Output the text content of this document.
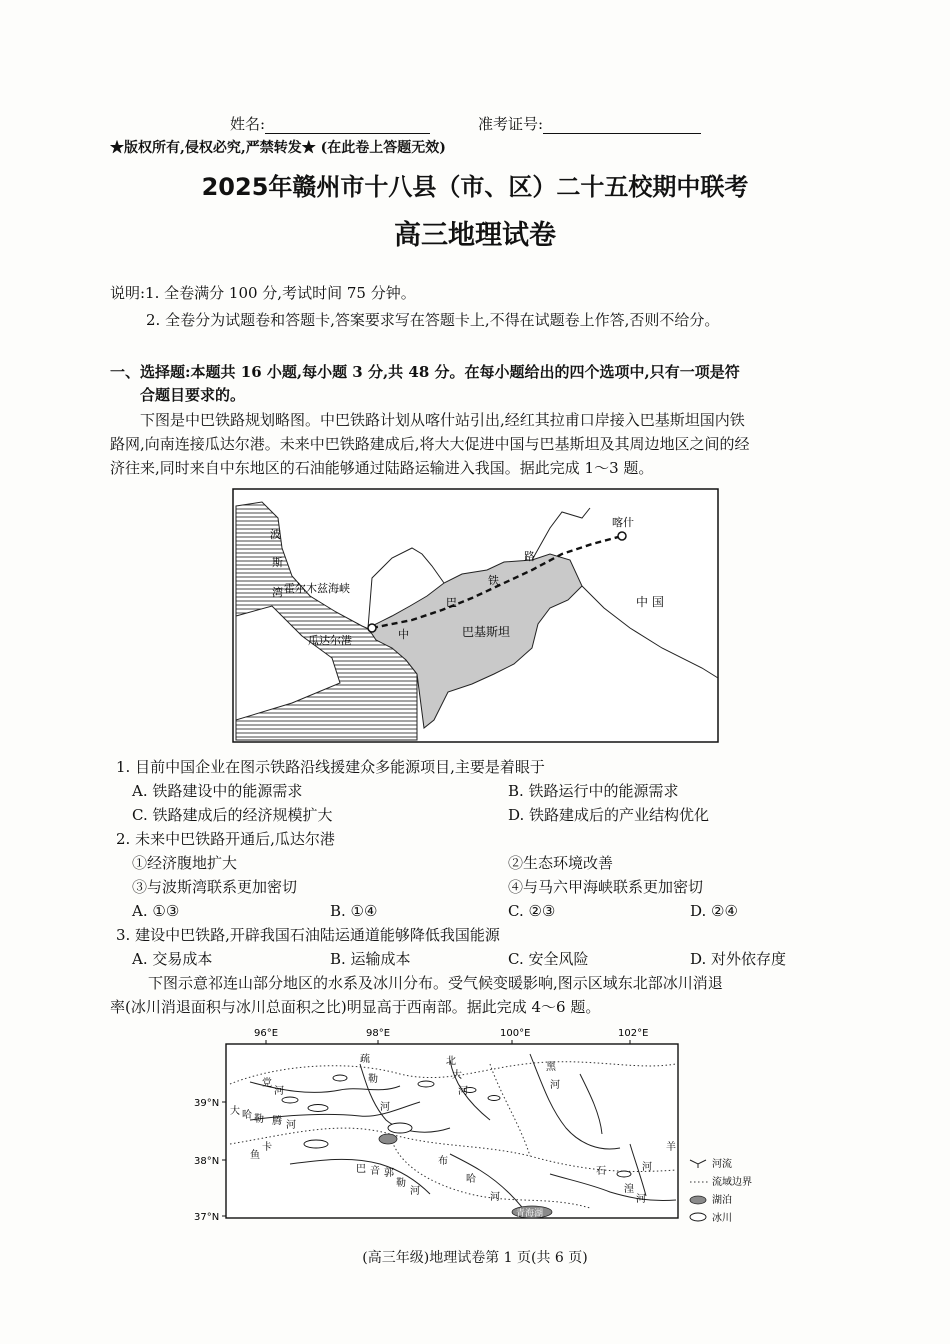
姓名:	准考证号:
★版权所有,侵权必究,严禁转发★ (在此卷上答题无效)
2025年赣州市十八县（市、区）二十五校期中联考
高三地理试卷
说明:1. 全卷满分 100 分,考试时间 75 分钟。
2. 全卷分为试题卷和答题卡,答案要求写在答题卡上,不得在试题卷上作答,否则不给分。
一、选择题:本题共 16 小题,每小题 3 分,共 48 分。在每小题给出的四个选项中,只有一项是符
合题目要求的。
下图是中巴铁路规划略图。中巴铁路计划从喀什站引出,经红其拉甫口岸接入巴基斯坦国内铁
路网,向南连接瓜达尔港。未来中巴铁路建成后,将大大促进中国与巴基斯坦及其周边地区之间的经
济往来,同时来自中东地区的石油能够通过陆路运输进入我国。据此完成 1～3 题。
喀什
中 国
巴基斯坦
瓜达尔港
霍尔木兹海峡
波
斯
湾
中
巴
铁
路
1. 目前中国企业在图示铁路沿线援建众多能源项目,主要是着眼于
A. 铁路建设中的能源需求	B. 铁路运行中的能源需求
C. 铁路建成后的经济规模扩大	D. 铁路建成后的产业结构优化
2. 未来中巴铁路开通后,瓜达尔港
①经济腹地扩大	②生态环境改善
③与波斯湾联系更加密切	④与马六甲海峡联系更加密切
A. ①③	B. ①④	C. ②③	D. ②④
3. 建设中巴铁路,开辟我国石油陆运通道能够降低我国能源
A. 交易成本	B. 运输成本	C. 安全风险	D. 对外依存度
下图示意祁连山部分地区的水系及冰川分布。受气候变暖影响,图示区域东北部冰川消退
率(冰川消退面积与冰川总面积之比)明显高于西南部。据此完成 4～6 题。
96°E	98°E	100°E	102°E
39°N
38°N
37°N	青海湖
党
河
大 哈 勒 腾 河
疏
勒
河
北
大
河
黑
河
鱼
卡
巴 音 郭
勒
河
布
哈
河
石
河
羊
湟
河	河流
流域边界
湖泊
冰川
(高三年级)地理试卷第 1 页(共 6 页)
